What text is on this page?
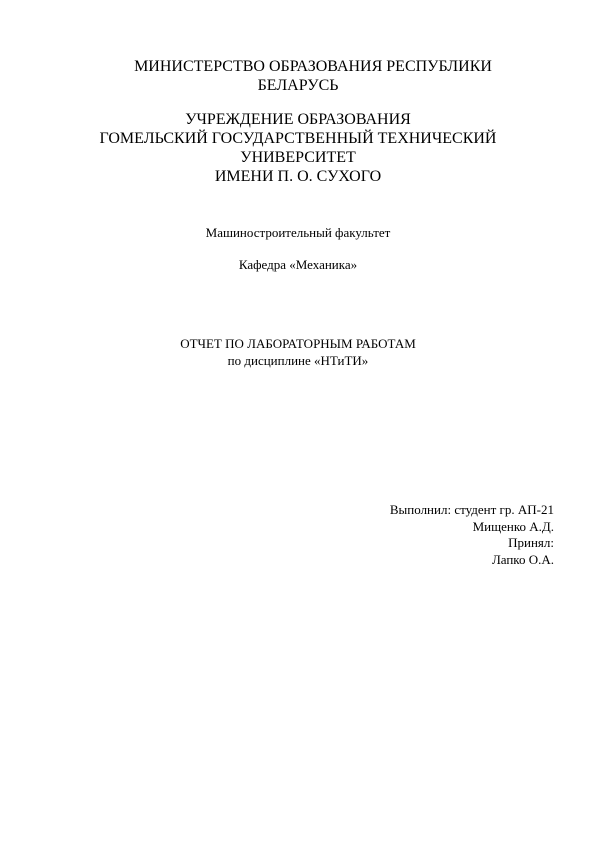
МИНИСТЕРСТВО ОБРАЗОВАНИЯ РЕСПУБЛИКИ
БЕЛАРУСЬ
УЧРЕЖДЕНИЕ ОБРАЗОВАНИЯ
ГОМЕЛЬСКИЙ ГОСУДАРСТВЕННЫЙ ТЕХНИЧЕСКИЙ
УНИВЕРСИТЕТ
ИМЕНИ П. О. СУХОГО
Машиностроительный факультет
Кафедра «Механика»
ОТЧЕТ ПО ЛАБОРАТОРНЫМ РАБОТАМ
по дисциплине «НТиТИ»
Выполнил: студент гр. АП-21
Мищенко А.Д.
Принял:
Лапко О.А.
